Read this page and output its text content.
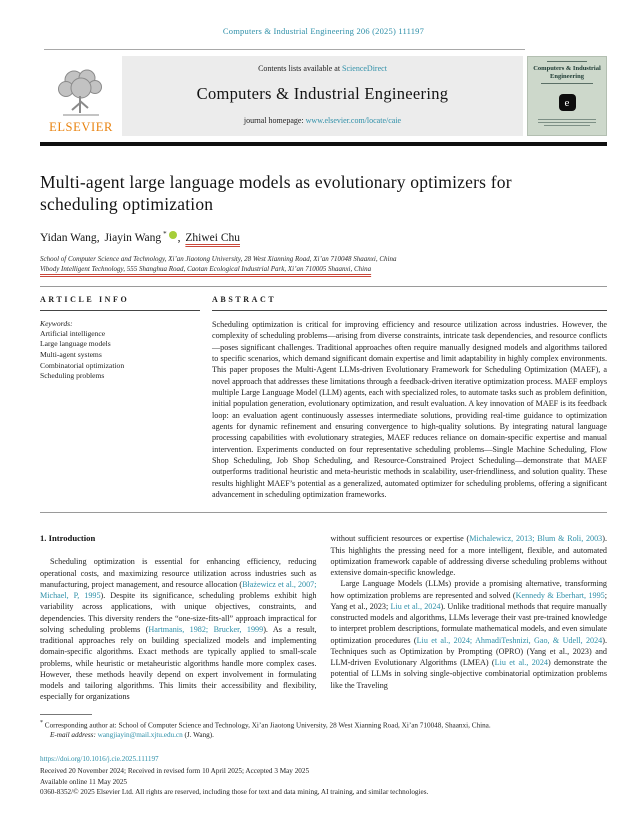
Computers & Industrial Engineering 206 (2025) 111197
ELSEVIER
Contents lists available at ScienceDirect
Computers & Industrial Engineering
journal homepage: www.elsevier.com/locate/caie
Computers & Industrial Engineering
e
Multi-agent large language models as evolutionary optimizers for scheduling optimization
Yidan Wang, Jiayin Wang * , Zhiwei Chu
School of Computer Science and Technology, Xi’an Jiaotong University, 28 West Xianning Road, Xi’an 710048 Shaanxi, China
Vibody Intelligent Technology, 555 Shanghua Road, Caotan Ecological Industrial Park, Xi’an 710005 Shaanxi, China
ARTICLE INFO
Keywords:
Artificial intelligence
Large language models
Multi-agent systems
Combinatorial optimization
Scheduling problems
ABSTRACT

Scheduling optimization is critical for improving efficiency and resource utilization across industries. However, the complexity of scheduling problems—arising from diverse constraints, intricate task dependencies, and resource conflicts—poses significant challenges. Traditional approaches often require manually designed models and algorithms tailored to specific scenarios, which demand significant domain expertise and limit adaptability in highly complex environments. This paper proposes the Multi-Agent LLMs-driven Evolutionary Framework for Scheduling Optimization (MAEF), a novel approach that addresses these limitations through a feedback-driven iterative optimization process. MAEF employs multiple Large Language Model (LLM) agents, each with specialized roles, to automate tasks such as problem definition, initial population generation, evolutionary optimization, and result evaluation. A key innovation of MAEF is its feedback loop: an evaluation agent continuously assesses intermediate solutions, providing real-time guidance to optimization agents for dynamic refinement and ensuring convergence to high-quality solutions. By integrating natural language processing capabilities with evolutionary strategies, MAEF reduces reliance on domain-specific expertise and manual intervention. Experiments conducted on four representative scheduling problems—Single Machine Scheduling, Flow Shop Scheduling, Job Shop Scheduling, and Resource-Constrained Project Scheduling—demonstrate that MAEF outperforms traditional heuristic and meta-heuristic methods in scalability, user-friendliness, and solution quality. These results highlight MAEF’s potential as a generalized, automated optimizer for scheduling problems, offering a significant advancement in scheduling optimization frameworks.

1. Introduction

Scheduling optimization is essential for enhancing efficiency, reducing operational costs, and maximizing resource utilization across industries such as manufacturing, project management, and resource allocation (Błażewicz et al., 2007; Michael, P, 1995). Despite its significance, scheduling problems exhibit high variability across applications, with unique objectives, constraints, and dependencies. This diversity renders the “one-size-fits-all” approach impractical for solving scheduling problems (Hartmanis, 1982; Brucker, 1999). As a result, traditional approaches rely on building specialized models and implementing domain-specific algorithms. Exact methods are typically applied to small-scale problems, while heuristic or metaheuristic algorithms handle more complex cases. However, these methods heavily depend on expert involvement in formulating models and tailoring algorithms. This limits their accessibility and flexibility, especially for organizations

without sufficient resources or expertise (Michalewicz, 2013; Blum & Roli, 2003). This highlights the pressing need for a more intelligent, flexible, and automated optimization framework capable of addressing diverse scheduling problems without extensive domain-specific knowledge.

Large Language Models (LLMs) provide a promising alternative, transforming how optimization problems are represented and solved (Kennedy & Eberhart, 1995; Yang et al., 2023; Liu et al., 2024). Unlike traditional methods that require manually constructed models and algorithms, LLMs leverage their vast pre-trained knowledge to interpret problem descriptions, formulate mathematical models, and even simulate optimization procedures (Liu et al., 2024; AhmadiTeshnizi, Gao, & Udell, 2024). Techniques such as Optimization by Prompting (OPRO) (Yang et al., 2023) and LLM-driven Evolutionary Algorithms (LMEA) (Liu et al., 2024) demonstrate the potential of LLMs in solving single-objective combinatorial optimization problems like the Traveling

* Corresponding author at: School of Computer Science and Technology, Xi’an Jiaotong University, 28 West Xianning Road, Xi’an 710048, Shaanxi, China.
E-mail address: wangjiayin@mail.xjtu.edu.cn (J. Wang).
https://doi.org/10.1016/j.cie.2025.111197
Received 20 November 2024; Received in revised form 10 April 2025; Accepted 3 May 2025
Available online 11 May 2025
0360-8352/© 2025 Elsevier Ltd. All rights are reserved, including those for text and data mining, AI training, and similar technologies.
